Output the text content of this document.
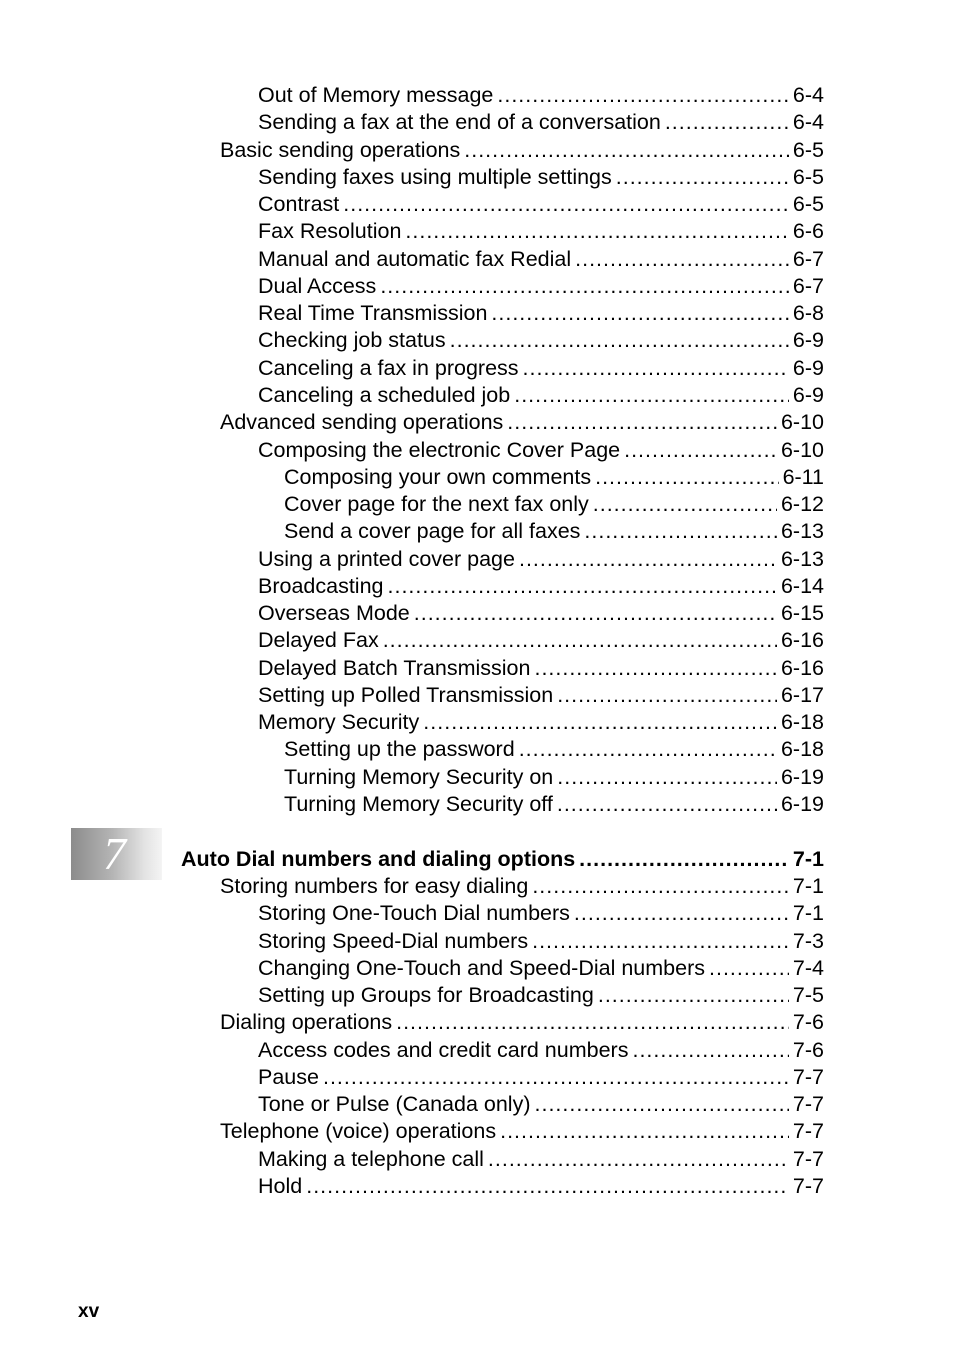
Out of Memory message .....	6-4
Sending a fax at the end of a conversation .....	6-4
Basic sending operations .....	6-5
Sending faxes using multiple settings .....	6-5
Contrast .....	6-5
Fax Resolution .....	6-6
Manual and automatic fax Redial .....	6-7
Dual Access .....	6-7
Real Time Transmission .....	6-8
Checking job status .....	6-9
Canceling a fax in progress .....	6-9
Canceling a scheduled job .....	6-9
Advanced sending operations .....	6-10
Composing the electronic Cover Page .....	6-10
Composing your own comments .....	6-11
Cover page for the next fax only .....	6-12
Send a cover page for all faxes .....	6-13
Using a printed cover page .....	6-13
Broadcasting .....	6-14
Overseas Mode .....	6-15
Delayed Fax .....	6-16
Delayed Batch Transmission .....	6-16
Setting up Polled Transmission .....	6-17
Memory Security .....	6-18
Setting up the password .....	6-18
Turning Memory Security on .....	6-19
Turning Memory Security off .....	6-19
Auto Dial numbers and dialing options .....	7-1
Storing numbers for easy dialing .....	7-1
Storing One-Touch Dial numbers .....	7-1
Storing Speed-Dial numbers .....	7-3
Changing One-Touch and Speed-Dial numbers .....	7-4
Setting up Groups for Broadcasting .....	7-5
Dialing operations .....	7-6
Access codes and credit card numbers .....	7-6
Pause .....	7-7
Tone or Pulse (Canada only) .....	7-7
Telephone (voice) operations .....	7-7
Making a telephone call .....	7-7
Hold .....	7-7
7
xv
